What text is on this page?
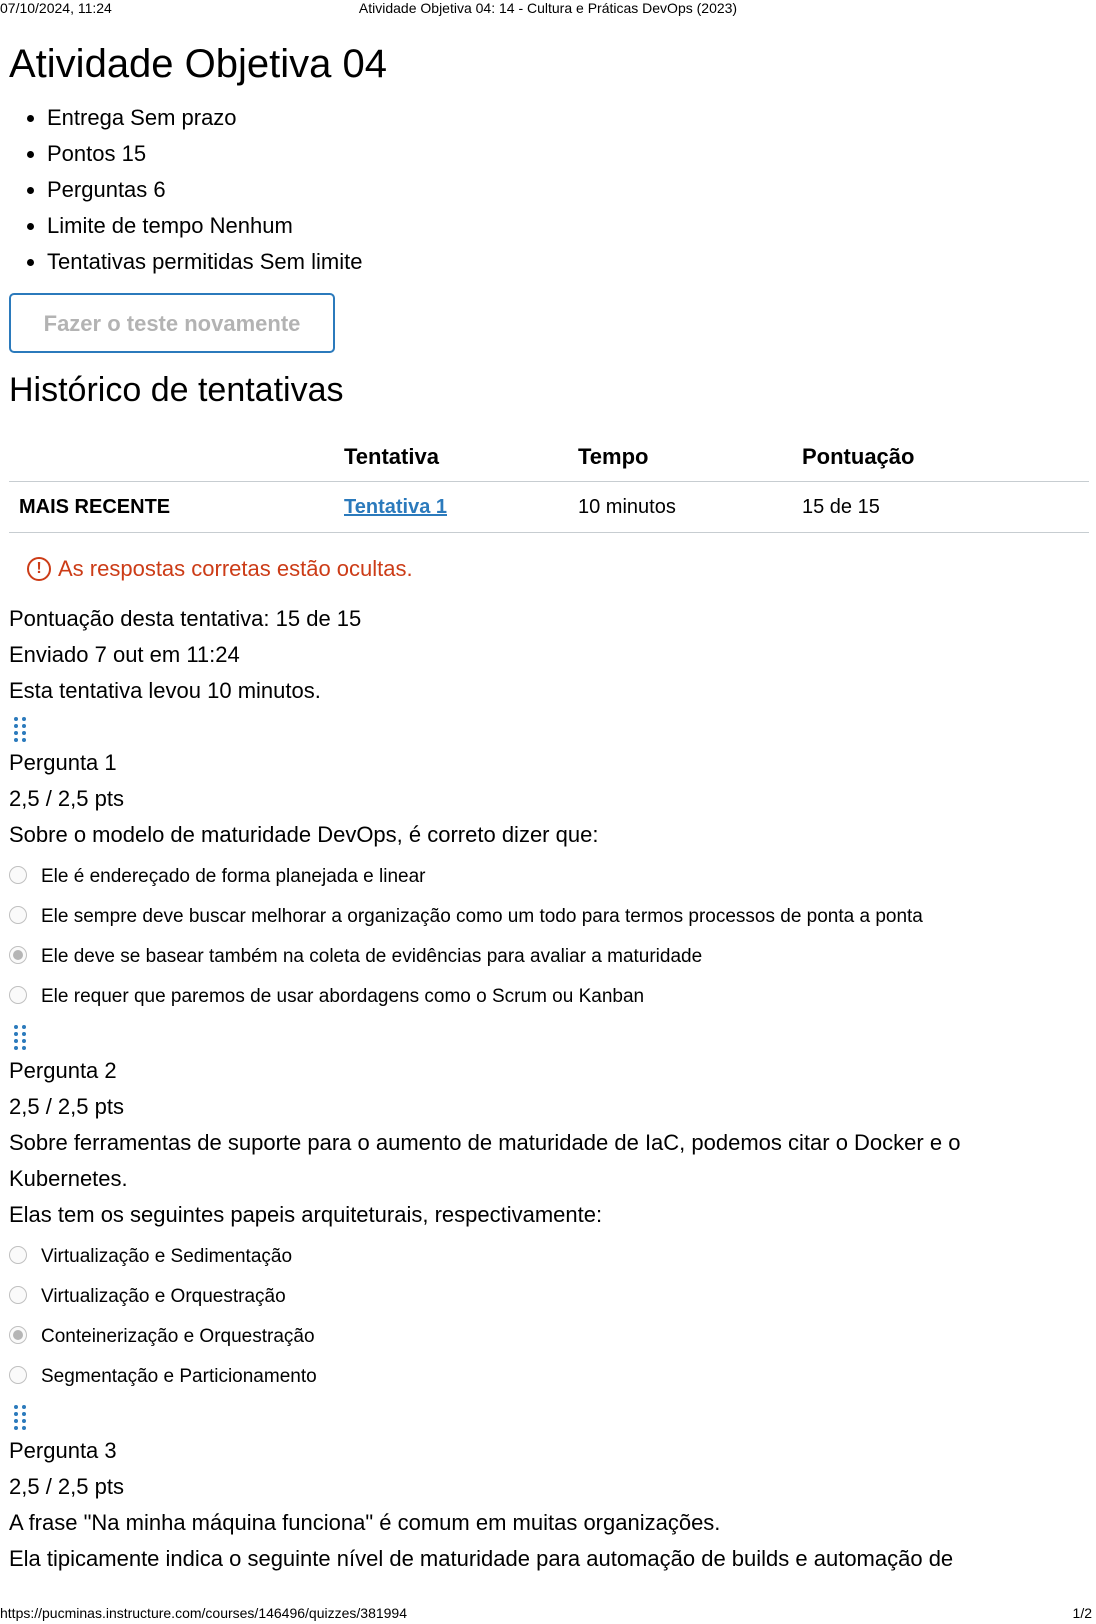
07/10/2024, 11:24	Atividade Objetiva 04: 14 - Cultura e Práticas DevOps (2023)
Atividade Objetiva 04
• Entrega Sem prazo
• Pontos 15
• Perguntas 6
• Limite de tempo Nenhum
• Tentativas permitidas Sem limite
Fazer o teste novamente
Histórico de tentativas
	Tentativa	Tempo	Pontuação
MAIS RECENTE	Tentativa 1	10 minutos	15 de 15
! As respostas corretas estão ocultas.
Pontuação desta tentativa: 15 de 15
Enviado 7 out em 11:24
Esta tentativa levou 10 minutos.
Pergunta 1
2,5 / 2,5 pts
Sobre o modelo de maturidade DevOps, é correto dizer que:
Ele é endereçado de forma planejada e linear
Ele sempre deve buscar melhorar a organização como um todo para termos processos de ponta a ponta
Ele deve se basear também na coleta de evidências para avaliar a maturidade
Ele requer que paremos de usar abordagens como o Scrum ou Kanban
Pergunta 2
2,5 / 2,5 pts
Sobre ferramentas de suporte para o aumento de maturidade de IaC, podemos citar o Docker e o
Kubernetes.
Elas tem os seguintes papeis arquiteturais, respectivamente:
Virtualização e Sedimentação
Virtualização e Orquestração
Conteinerização e Orquestração
Segmentação e Particionamento
Pergunta 3
2,5 / 2,5 pts
A frase "Na minha máquina funciona" é comum em muitas organizações.
Ela tipicamente indica o seguinte nível de maturidade para automação de builds e automação de
https://pucminas.instructure.com/courses/146496/quizzes/381994	1/2
